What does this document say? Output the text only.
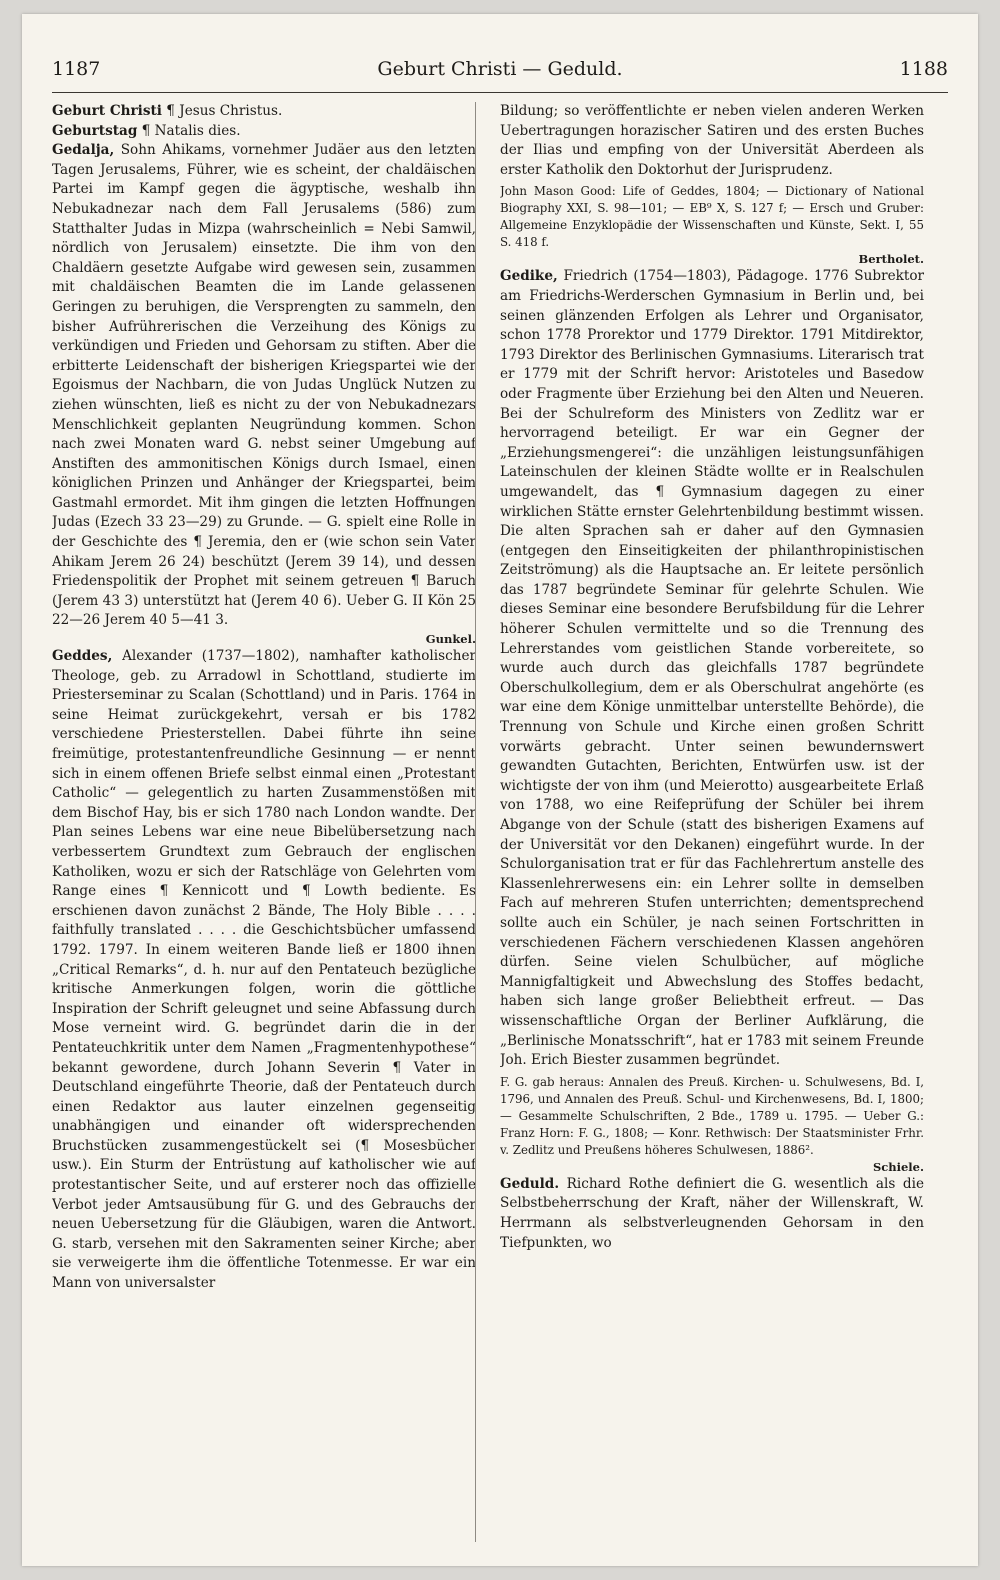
1187	Geburt Christi — Geduld.	1188

Geburt Christi ¶ Jesus Christus.

Geburtstag ¶ Natalis dies.

Gedalja, Sohn Ahikams, vornehmer Judäer aus den letzten Tagen Jerusalems, Führer, wie es scheint, der chaldäischen Partei im Kampf gegen die ägyptische, weshalb ihn Nebukadnezar nach dem Fall Jerusalems (586) zum Statthalter Judas in Mizpa (wahrscheinlich = Nebi Samwil, nördlich von Jerusalem) einsetzte. Die ihm von den Chaldäern gesetzte Aufgabe wird gewesen sein, zusammen mit chaldäischen Beamten die im Lande gelassenen Geringen zu beruhigen, die Versprengten zu sammeln, den bisher Aufrührerischen die Verzeihung des Königs zu verkündigen und Frieden und Gehorsam zu stiften. Aber die erbitterte Leidenschaft der bisherigen Kriegspartei wie der Egoismus der Nachbarn, die von Judas Unglück Nutzen zu ziehen wünschten, ließ es nicht zu der von Nebukadnezars Menschlichkeit geplanten Neugründung kommen. Schon nach zwei Monaten ward G. nebst seiner Umgebung auf Anstiften des ammonitischen Königs durch Ismael, einen königlichen Prinzen und Anhänger der Kriegspartei, beim Gastmahl ermordet. Mit ihm gingen die letzten Hoffnungen Judas (Ezech 33 23—29) zu Grunde. — G. spielt eine Rolle in der Geschichte des ¶ Jeremia, den er (wie schon sein Vater Ahikam Jerem 26 24) beschützt (Jerem 39 14), und dessen Friedenspolitik der Prophet mit seinem getreuen ¶ Baruch (Jerem 43 3) unterstützt hat (Jerem 40 6). Ueber G. II Kön 25 22—26 Jerem 40 5—41 3.

Gunkel.

Geddes, Alexander (1737—1802), namhafter katholischer Theologe, geb. zu Arradowl in Schottland, studierte im Priesterseminar zu Scalan (Schottland) und in Paris. 1764 in seine Heimat zurückgekehrt, versah er bis 1782 verschiedene Priesterstellen. Dabei führte ihn seine freimütige, protestantenfreundliche Gesinnung — er nennt sich in einem offenen Briefe selbst einmal einen „Protestant Catholic“ — gelegentlich zu harten Zusammenstößen mit dem Bischof Hay, bis er sich 1780 nach London wandte. Der Plan seines Lebens war eine neue Bibelübersetzung nach verbessertem Grundtext zum Gebrauch der englischen Katholiken, wozu er sich der Ratschläge von Gelehrten vom Range eines ¶ Kennicott und ¶ Lowth bediente. Es erschienen davon zunächst 2 Bände, The Holy Bible . . . . faithfully translated . . . . die Geschichtsbücher umfassend 1792. 1797. In einem weiteren Bande ließ er 1800 ihnen „Critical Remarks“, d. h. nur auf den Pentateuch bezügliche kritische Anmerkungen folgen, worin die göttliche Inspiration der Schrift geleugnet und seine Abfassung durch Mose verneint wird. G. begründet darin die in der Pentateuchkritik unter dem Namen „Fragmentenhypothese“ bekannt gewordene, durch Johann Severin ¶ Vater in Deutschland eingeführte Theorie, daß der Pentateuch durch einen Redaktor aus lauter einzelnen gegenseitig unabhängigen und einander oft widersprechenden Bruchstücken zusammengestückelt sei (¶ Mosesbücher usw.). Ein Sturm der Entrüstung auf katholischer wie auf protestantischer Seite, und auf ersterer noch das offizielle Verbot jeder Amtsausübung für G. und des Gebrauchs der neuen Uebersetzung für die Gläubigen, waren die Antwort. G. starb, versehen mit den Sakramenten seiner Kirche; aber sie verweigerte ihm die öffentliche Totenmesse. Er war ein Mann von universalster

Bildung; so veröffentlichte er neben vielen anderen Werken Uebertragungen horazischer Satiren und des ersten Buches der Ilias und empfing von der Universität Aberdeen als erster Katholik den Doktorhut der Jurisprudenz.

John Mason Good: Life of Geddes, 1804; — Dictionary of National Biography XXI, S. 98—101; — EB⁹ X, S. 127 f; — Ersch und Gruber: Allgemeine Enzyklopädie der Wissenschaften und Künste, Sekt. I, 55 S. 418 f.

Bertholet.

Gedike, Friedrich (1754—1803), Pädagoge. 1776 Subrektor am Friedrichs-Werderschen Gymnasium in Berlin und, bei seinen glänzenden Erfolgen als Lehrer und Organisator, schon 1778 Prorektor und 1779 Direktor. 1791 Mitdirektor, 1793 Direktor des Berlinischen Gymnasiums. Literarisch trat er 1779 mit der Schrift hervor: Aristoteles und Basedow oder Fragmente über Erziehung bei den Alten und Neueren. Bei der Schulreform des Ministers von Zedlitz war er hervorragend beteiligt. Er war ein Gegner der „Erziehungsmengerei“: die unzähligen leistungsunfähigen Lateinschulen der kleinen Städte wollte er in Realschulen umgewandelt, das ¶ Gymnasium dagegen zu einer wirklichen Stätte ernster Gelehrtenbildung bestimmt wissen. Die alten Sprachen sah er daher auf den Gymnasien (entgegen den Einseitigkeiten der philanthropinistischen Zeitströmung) als die Hauptsache an. Er leitete persönlich das 1787 begründete Seminar für gelehrte Schulen. Wie dieses Seminar eine besondere Berufsbildung für die Lehrer höherer Schulen vermittelte und so die Trennung des Lehrerstandes vom geistlichen Stande vorbereitete, so wurde auch durch das gleichfalls 1787 begründete Oberschulkollegium, dem er als Oberschulrat angehörte (es war eine dem Könige unmittelbar unterstellte Behörde), die Trennung von Schule und Kirche einen großen Schritt vorwärts gebracht. Unter seinen bewundernswert gewandten Gutachten, Berichten, Entwürfen usw. ist der wichtigste der von ihm (und Meierotto) ausgearbeitete Erlaß von 1788, wo eine Reifeprüfung der Schüler bei ihrem Abgange von der Schule (statt des bisherigen Examens auf der Universität vor den Dekanen) eingeführt wurde. In der Schulorganisation trat er für das Fachlehrertum anstelle des Klassenlehrerwesens ein: ein Lehrer sollte in demselben Fach auf mehreren Stufen unterrichten; dementsprechend sollte auch ein Schüler, je nach seinen Fortschritten in verschiedenen Fächern verschiedenen Klassen angehören dürfen. Seine vielen Schulbücher, auf mögliche Mannigfaltigkeit und Abwechslung des Stoffes bedacht, haben sich lange großer Beliebtheit erfreut. — Das wissenschaftliche Organ der Berliner Aufklärung, die „Berlinische Monatsschrift“, hat er 1783 mit seinem Freunde Joh. Erich Biester zusammen begründet.

F. G. gab heraus: Annalen des Preuß. Kirchen- u. Schulwesens, Bd. I, 1796, und Annalen des Preuß. Schul- und Kirchenwesens, Bd. I, 1800; — Gesammelte Schulschriften, 2 Bde., 1789 u. 1795. — Ueber G.: Franz Horn: F. G., 1808; — Konr. Rethwisch: Der Staatsminister Frhr. v. Zedlitz und Preußens höheres Schulwesen, 1886².

Schiele.

Geduld. Richard Rothe definiert die G. wesentlich als die Selbstbeherrschung der Kraft, näher der Willenskraft, W. Herrmann als selbstverleugnenden Gehorsam in den Tiefpunkten, wo
